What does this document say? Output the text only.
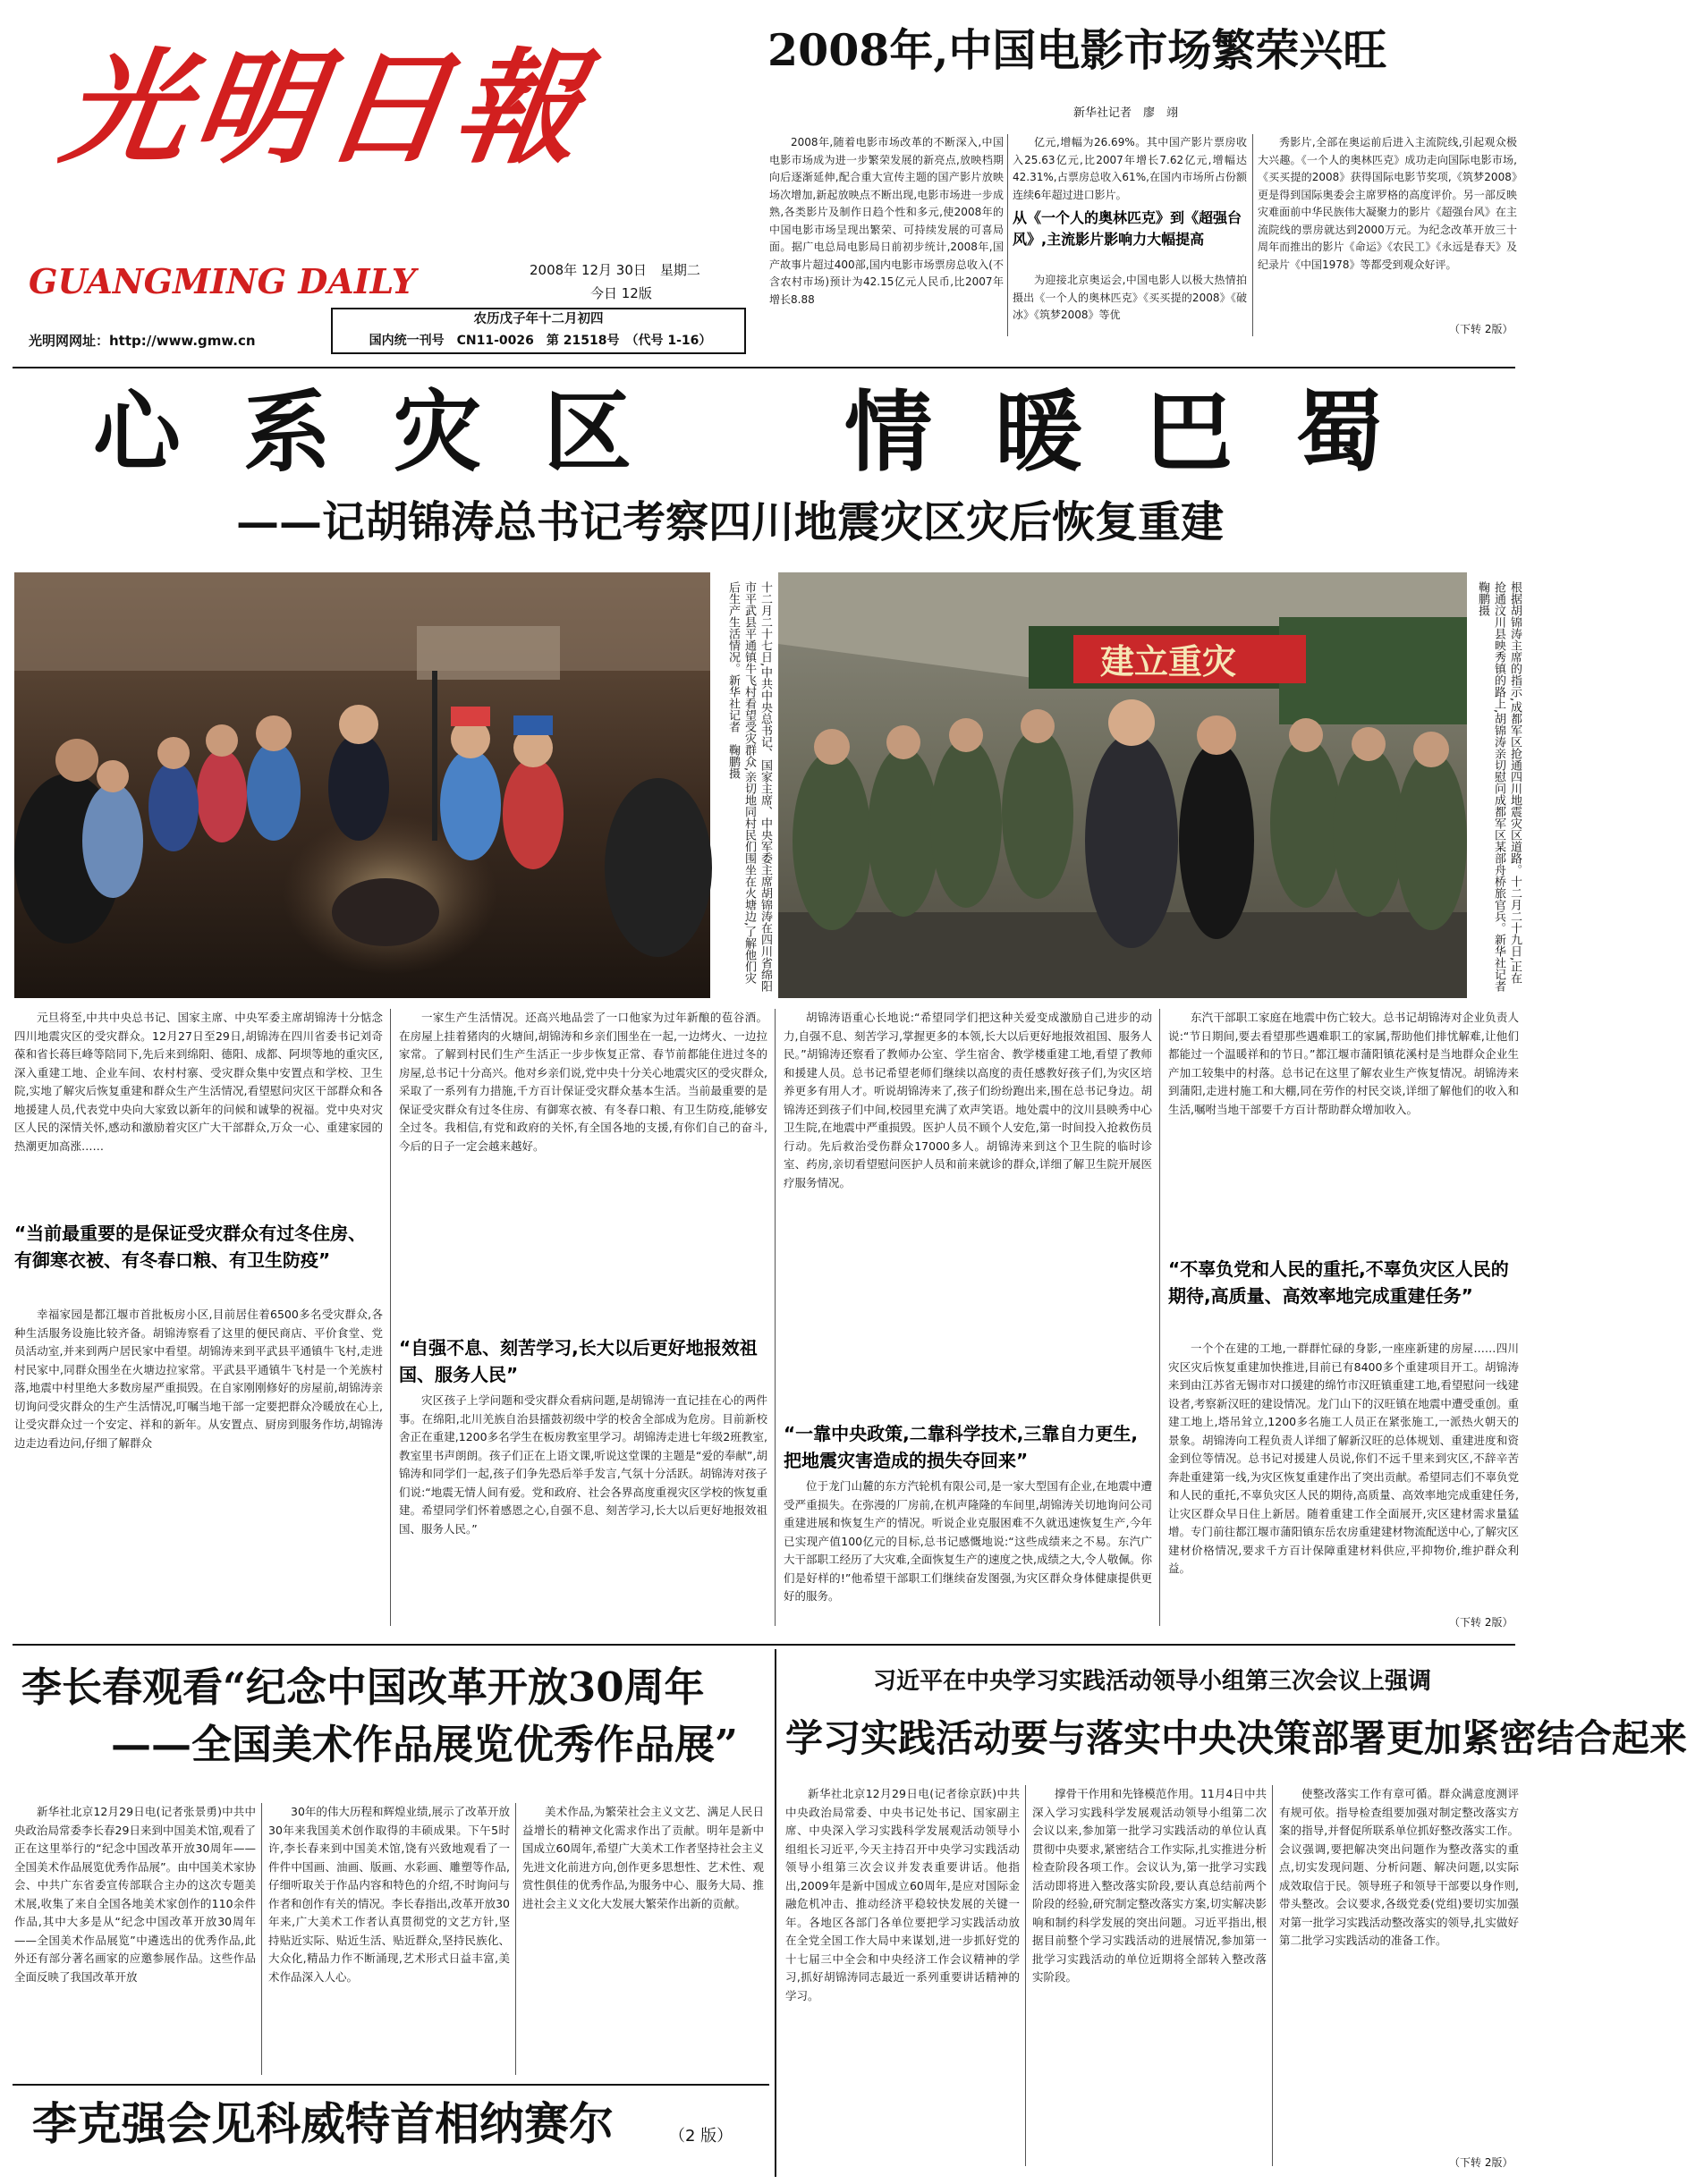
光明日報
GUANGMING DAILY
光明网网址：http://www.gmw.cn
2008年 12月 30日　星期二
今日 12版
农历戊子年十二月初四
国内统一刊号　CN11-0026　第 21518号　（代号 1-16）
2008年,中国电影市场繁荣兴旺
新华社记者　廖　翊

2008年,随着电影市场改革的不断深入,中国电影市场成为进一步繁荣发展的新亮点,放映档期向后逐渐延伸,配合重大宣传主题的国产影片放映场次增加,新起放映点不断出现,电影市场进一步成熟,各类影片及制作日趋个性和多元,使2008年的中国电影市场呈现出繁荣、可持续发展的可喜局面。据广电总局电影局日前初步统计,2008年,国产故事片超过400部,国内电影市场票房总收入(不含农村市场)预计为42.15亿元人民币,比2007年增长8.88

亿元,增幅为26.69%。其中国产影片票房收入25.63亿元,比2007年增长7.62亿元,增幅达42.31%,占票房总收入61%,在国内市场所占份额连续6年超过进口影片。

从《一个人的奥林匹克》到《超强台风》,主流影片影响力大幅提高

为迎接北京奥运会,中国电影人以极大热情拍摄出《一个人的奥林匹克》《买买提的2008》《破冰》《筑梦2008》等优

秀影片,全部在奥运前后进入主流院线,引起观众极大兴趣。《一个人的奥林匹克》成功走向国际电影市场,《买买提的2008》获得国际电影节奖项,《筑梦2008》更是得到国际奥委会主席罗格的高度评价。另一部反映灾难面前中华民族伟大凝聚力的影片《超强台风》在主流院线的票房就达到2000万元。为纪念改革开放三十周年而推出的影片《命运》《农民工》《永远是春天》及纪录片《中国1978》等都受到观众好评。

（下转 2版）
心系灾区　情暖巴蜀
——记胡锦涛总书记考察四川地震灾区灾后恢复重建
十二月二十七日,中共中央总书记、国家主席、中央军委主席胡锦涛在四川省绵阳市平武县平通镇牛飞村看望受灾群众,亲切地同村民们围坐在火塘边,了解他们灾后生产生活情况。新华社记者　鞠鹏摄	建立重灾	根据胡锦涛主席的指示,成都军区抢通四川地震灾区道路。十二月二十九日,正在抢通汶川县映秀镇的路上,胡锦涛亲切慰问成都军区某部舟桥旅官兵。新华社记者　鞠鹏摄

元旦将至,中共中央总书记、国家主席、中央军委主席胡锦涛十分惦念四川地震灾区的受灾群众。12月27日至29日,胡锦涛在四川省委书记刘奇葆和省长蒋巨峰等陪同下,先后来到绵阳、德阳、成都、阿坝等地的重灾区,深入重建工地、企业车间、农村村寨、受灾群众集中安置点和学校、卫生院,实地了解灾后恢复重建和群众生产生活情况,看望慰问灾区干部群众和各地援建人员,代表党中央向大家致以新年的问候和诚挚的祝福。党中央对灾区人民的深情关怀,感动和激励着灾区广大干部群众,万众一心、重建家园的热潮更加高涨……

“当前最重要的是保证受灾群众有过冬住房、有御寒衣被、有冬春口粮、有卫生防疫”

幸福家园是都江堰市首批板房小区,目前居住着6500多名受灾群众,各种生活服务设施比较齐备。胡锦涛察看了这里的便民商店、平价食堂、党员活动室,并来到两户居民家中看望。胡锦涛来到平武县平通镇牛飞村,走进村民家中,同群众围坐在火塘边拉家常。平武县平通镇牛飞村是一个羌族村落,地震中村里绝大多数房屋严重损毁。在自家刚刚修好的房屋前,胡锦涛亲切询问受灾群众的生产生活情况,叮嘱当地干部一定要把群众冷暖放在心上,让受灾群众过一个安定、祥和的新年。从安置点、厨房到服务作坊,胡锦涛边走边看边问,仔细了解群众

一家生产生活情况。还高兴地品尝了一口他家为过年新酿的苞谷酒。在房屋上挂着猪肉的火塘间,胡锦涛和乡亲们围坐在一起,一边烤火、一边拉家常。了解到村民们生产生活正一步步恢复正常、春节前都能住进过冬的房屋,总书记十分高兴。他对乡亲们说,党中央十分关心地震灾区的受灾群众,采取了一系列有力措施,千方百计保证受灾群众基本生活。当前最重要的是保证受灾群众有过冬住房、有御寒衣被、有冬春口粮、有卫生防疫,能够安全过冬。我相信,有党和政府的关怀,有全国各地的支援,有你们自己的奋斗,今后的日子一定会越来越好。

“自强不息、刻苦学习,长大以后更好地报效祖国、服务人民”

灾区孩子上学问题和受灾群众看病问题,是胡锦涛一直记挂在心的两件事。在绵阳,北川羌族自治县擂鼓初级中学的校舍全部成为危房。目前新校舍正在重建,1200多名学生在板房教室里学习。胡锦涛走进七年级2班教室,教室里书声朗朗。孩子们正在上语文课,听说这堂课的主题是“爱的奉献”,胡锦涛和同学们一起,孩子们争先恐后举手发言,气氛十分活跃。胡锦涛对孩子们说:“地震无情人间有爱。党和政府、社会各界高度重视灾区学校的恢复重建。希望同学们怀着感恩之心,自强不息、刻苦学习,长大以后更好地报效祖国、服务人民。”

胡锦涛语重心长地说:“希望同学们把这种关爱变成激励自己进步的动力,自强不息、刻苦学习,掌握更多的本领,长大以后更好地报效祖国、服务人民。”胡锦涛还察看了教师办公室、学生宿舍、教学楼重建工地,看望了教师和援建人员。总书记希望老师们继续以高度的责任感教好孩子们,为灾区培养更多有用人才。听说胡锦涛来了,孩子们纷纷跑出来,围在总书记身边。胡锦涛还到孩子们中间,校园里充满了欢声笑语。地处震中的汶川县映秀中心卫生院,在地震中严重损毁。医护人员不顾个人安危,第一时间投入抢救伤员行动。先后救治受伤群众17000多人。胡锦涛来到这个卫生院的临时诊室、药房,亲切看望慰问医护人员和前来就诊的群众,详细了解卫生院开展医疗服务情况。

“一靠中央政策,二靠科学技术,三靠自力更生,把地震灾害造成的损失夺回来”

位于龙门山麓的东方汽轮机有限公司,是一家大型国有企业,在地震中遭受严重损失。在弥漫的厂房前,在机声隆隆的车间里,胡锦涛关切地询问公司重建进展和恢复生产的情况。听说企业克服困难不久就迅速恢复生产,今年已实现产值100亿元的目标,总书记感慨地说:“这些成绩来之不易。东汽广大干部职工经历了大灾难,全面恢复生产的速度之快,成绩之大,令人敬佩。你们是好样的!”他希望干部职工们继续奋发图强,为灾区群众身体健康提供更好的服务。

东汽干部职工家庭在地震中伤亡较大。总书记胡锦涛对企业负责人说:“节日期间,要去看望那些遇难职工的家属,帮助他们排忧解难,让他们都能过一个温暖祥和的节日。”都江堰市蒲阳镇花溪村是当地群众企业生产加工较集中的村落。总书记在这里了解农业生产恢复情况。胡锦涛来到蒲阳,走进村施工和大棚,同在劳作的村民交谈,详细了解他们的收入和生活,嘱咐当地干部要千方百计帮助群众增加收入。

“不辜负党和人民的重托,不辜负灾区人民的期待,高质量、高效率地完成重建任务”

一个个在建的工地,一群群忙碌的身影,一座座新建的房屋……四川灾区灾后恢复重建加快推进,目前已有8400多个重建项目开工。胡锦涛来到由江苏省无锡市对口援建的绵竹市汉旺镇重建工地,看望慰问一线建设者,考察新汉旺的建设情况。龙门山下的汉旺镇在地震中遭受重创。重建工地上,塔吊耸立,1200多名施工人员正在紧张施工,一派热火朝天的景象。胡锦涛向工程负责人详细了解新汉旺的总体规划、重建进度和资金到位等情况。总书记对援建人员说,你们不远千里来到灾区,不辞辛苦奔赴重建第一线,为灾区恢复重建作出了突出贡献。希望同志们不辜负党和人民的重托,不辜负灾区人民的期待,高质量、高效率地完成重建任务,让灾区群众早日住上新居。随着重建工作全面展开,灾区建材需求量猛增。专门前往都江堰市蒲阳镇东岳农房重建建材物流配送中心,了解灾区建材价格情况,要求千方百计保障重建材料供应,平抑物价,维护群众利益。

（下转 2版）
李长春观看“纪念中国改革开放30周年
——全国美术作品展览优秀作品展”

新华社北京12月29日电(记者张景勇)中共中央政治局常委李长春29日来到中国美术馆,观看了正在这里举行的“纪念中国改革开放30周年——全国美术作品展览优秀作品展”。由中国美术家协会、中共广东省委宣传部联合主办的这次专题美术展,收集了来自全国各地美术家创作的110余件作品,其中大多是从“纪念中国改革开放30周年——全国美术作品展览”中遴选出的优秀作品,此外还有部分著名画家的应邀参展作品。这些作品全面反映了我国改革开放

30年的伟大历程和辉煌业绩,展示了改革开放30年来我国美术创作取得的丰硕成果。下午5时许,李长春来到中国美术馆,饶有兴致地观看了一件件中国画、油画、版画、水彩画、雕塑等作品,仔细听取关于作品内容和特色的介绍,不时询问与作者和创作有关的情况。李长春指出,改革开放30年来,广大美术工作者认真贯彻党的文艺方针,坚持贴近实际、贴近生活、贴近群众,坚持民族化、大众化,精品力作不断涌现,艺术形式日益丰富,美术作品深入人心。

美术作品,为繁荣社会主义文艺、满足人民日益增长的精神文化需求作出了贡献。明年是新中国成立60周年,希望广大美术工作者坚持社会主义先进文化前进方向,创作更多思想性、艺术性、观赏性俱佳的优秀作品,为服务中心、服务大局、推进社会主义文化大发展大繁荣作出新的贡献。

习近平在中央学习实践活动领导小组第三次会议上强调
学习实践活动要与落实中央决策部署更加紧密结合起来

新华社北京12月29日电(记者徐京跃)中共中央政治局常委、中央书记处书记、国家副主席、中央深入学习实践科学发展观活动领导小组组长习近平,今天主持召开中央学习实践活动领导小组第三次会议并发表重要讲话。他指出,2009年是新中国成立60周年,是应对国际金融危机冲击、推动经济平稳较快发展的关键一年。各地区各部门各单位要把学习实践活动放在全党全国工作大局中来谋划,进一步抓好党的十七届三中全会和中央经济工作会议精神的学习,抓好胡锦涛同志最近一系列重要讲话精神的学习。

撑骨干作用和先锋模范作用。11月4日中共深入学习实践科学发展观活动领导小组第二次会议以来,参加第一批学习实践活动的单位认真贯彻中央要求,紧密结合工作实际,扎实推进分析检查阶段各项工作。会议认为,第一批学习实践活动即将进入整改落实阶段,要认真总结前两个阶段的经验,研究制定整改落实方案,切实解决影响和制约科学发展的突出问题。习近平指出,根据目前整个学习实践活动的进展情况,参加第一批学习实践活动的单位近期将全部转入整改落实阶段。

使整改落实工作有章可循。群众满意度测评有规可依。指导检查组要加强对制定整改落实方案的指导,并督促所联系单位抓好整改落实工作。会议强调,要把解决突出问题作为整改落实的重点,切实发现问题、分析问题、解决问题,以实际成效取信于民。领导班子和领导干部要以身作则,带头整改。会议要求,各级党委(党组)要切实加强对第一批学习实践活动整改落实的领导,扎实做好第二批学习实践活动的准备工作。

（下转 2版）
李克强会见科威特首相纳赛尔	（2 版）
